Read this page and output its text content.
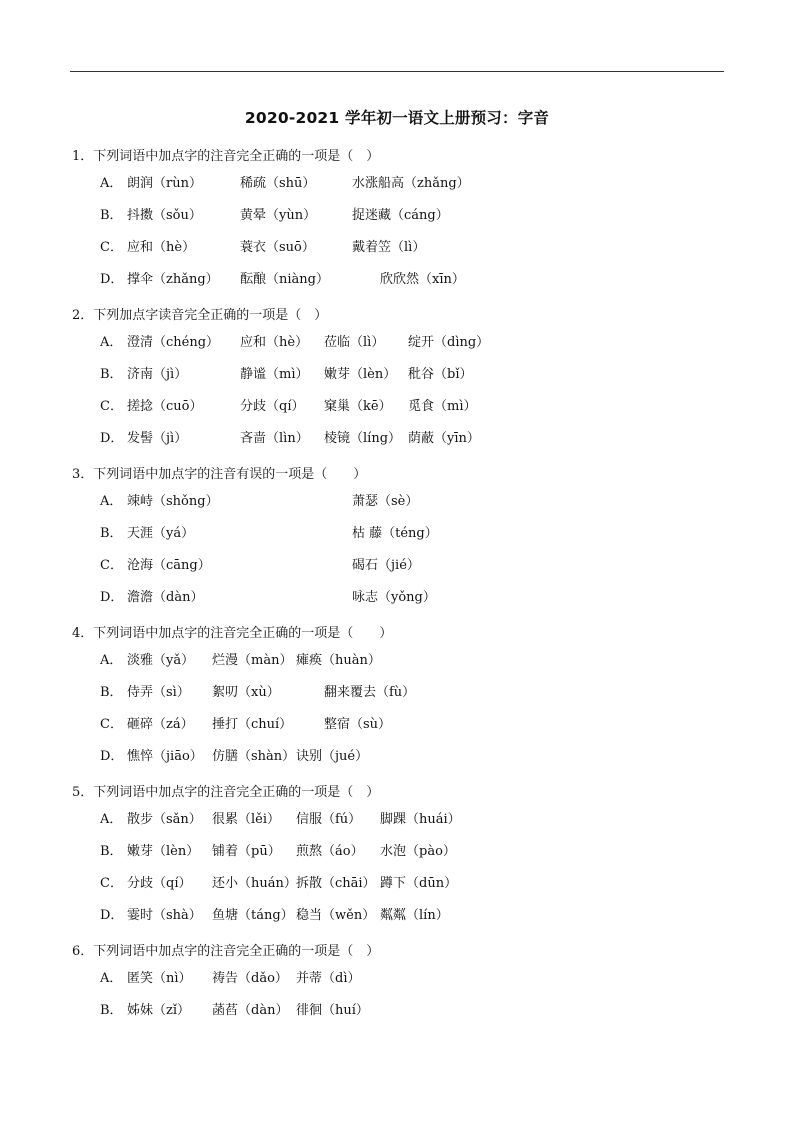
2020-2021 学年初一语文上册预习：字音
1．下列词语中加点字的注音完全正确的一项是（　）
A． 朗润（rùn）	稀疏（shū）	水涨船高（zhǎng）
B． 抖擞（sǒu）	黄晕（yùn）	捉迷藏（cáng）
C． 应和（hè）	蓑衣（suō）	戴着笠（lì）
D． 撑伞（zhǎng） 酝酿（niàng）	欣欣然（xīn）
2．下列加点字读音完全正确的一项是（　）
A． 澄清（chéng） 应和（hè） 莅临（lì） 绽开（dìng）
B． 济南（jì）	静谧（mì） 嫩芽（lèn） 秕谷（bǐ）
C． 搓捻（cuō）	分歧（qí） 窠巢（kē） 觅食（mì）
D． 发髻（jì）	吝啬（lìn） 棱镜（líng） 荫蔽（yīn）
3．下列词语中加点字的注音有误的一项是（　　）
A． 竦峙（shǒng）	萧瑟（sè）
B． 天涯（yá）	枯 藤（téng）
C． 沧海（cāng）	碣石（jié）
D． 澹澹（dàn）	咏志（yǒng）
4．下列词语中加点字的注音完全正确的一项是（　　）
A． 淡雅（yǎ） 烂漫（màn） 瘫痪（huàn）
B． 侍弄（sì） 絮叨（xù）	翻来覆去（fù）
C． 砸碎（zá） 捶打（chuí） 整宿（sù）
D． 憔悴（jiāo） 仿膳（shàn） 诀别（jué）
5．下列词语中加点字的注音完全正确的一项是（　）
A． 散步（sǎn） 很累（lěi） 信服（fú） 脚踝（huái）
B． 嫩芽（lèn） 铺着（pū） 煎熬（áo） 水泡（pào）
C． 分歧（qí） 还小（huán） 拆散（chāi） 蹲下（dūn）
D． 霎时（shà） 鱼塘（táng） 稳当（wěn） 粼粼（lín）
6．下列词语中加点字的注音完全正确的一项是（　）
A． 匿笑（nì） 祷告（dǎo） 并蒂（dì）
B． 姊妹（zǐ） 菡萏（dàn） 徘徊（huí）
